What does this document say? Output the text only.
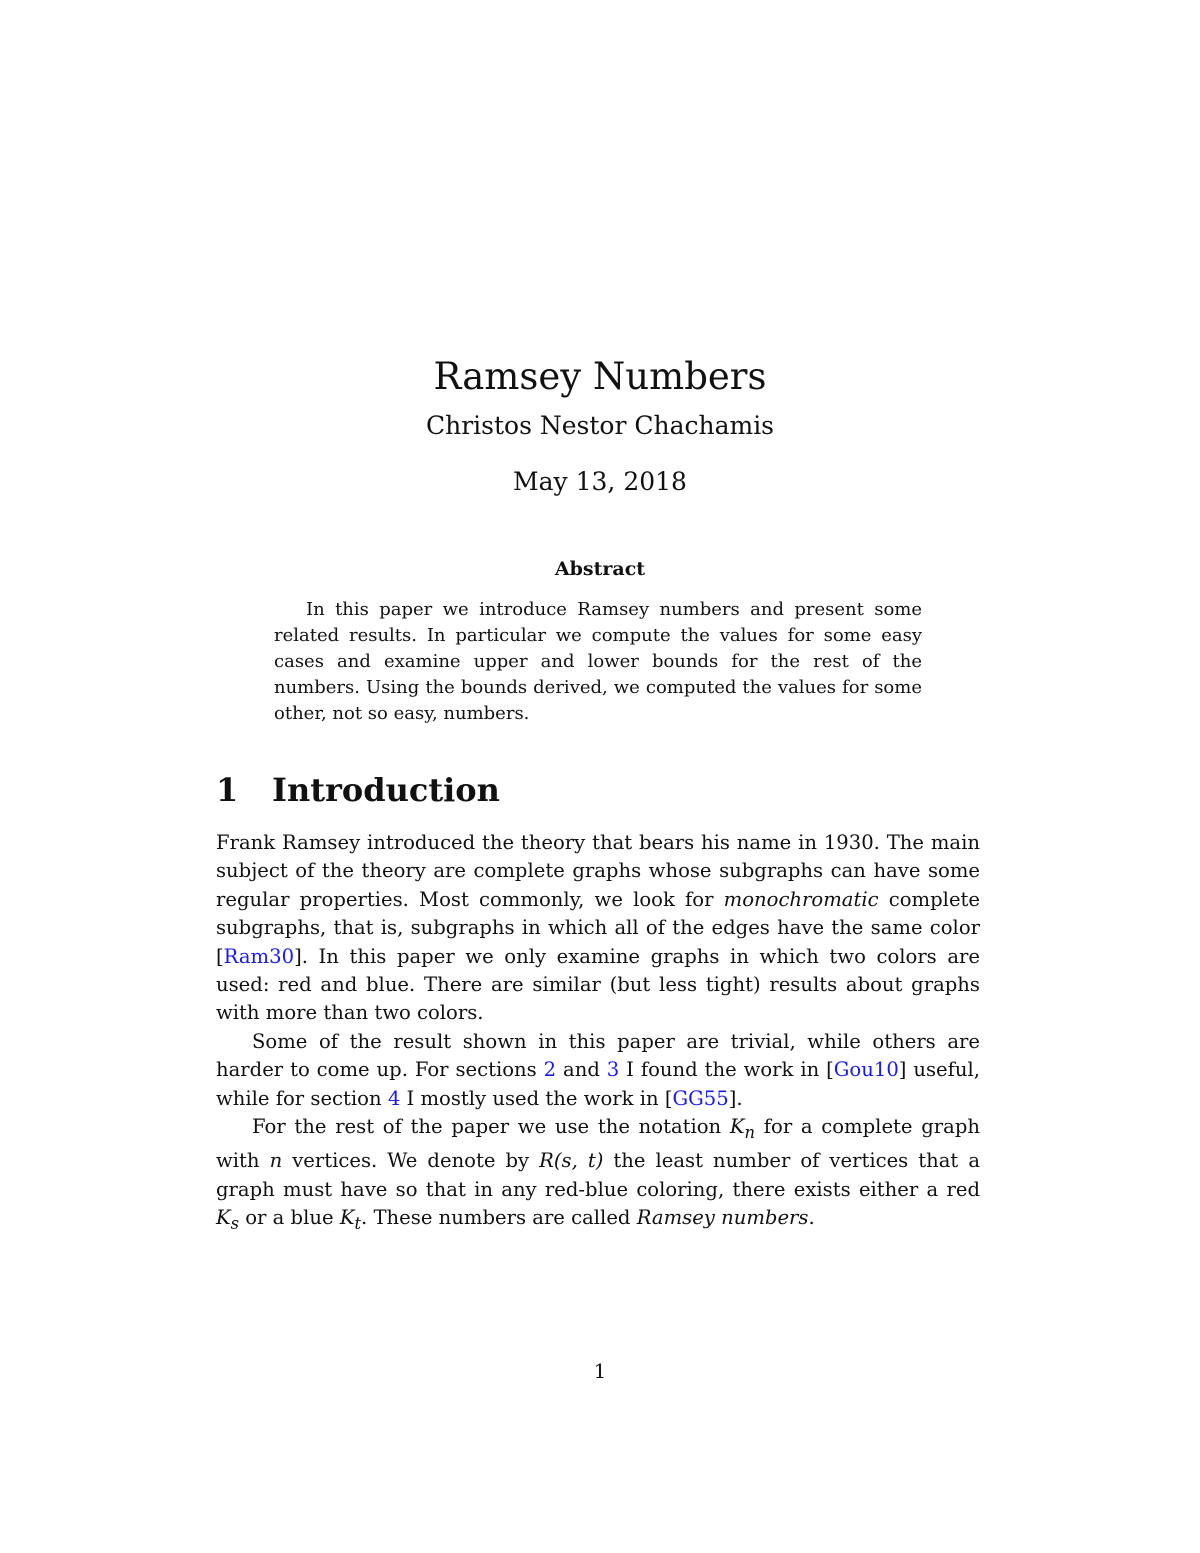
Ramsey Numbers
Christos Nestor Chachamis
May 13, 2018
Abstract
In this paper we introduce Ramsey numbers and present some related results. In particular we compute the values for some easy cases and examine upper and lower bounds for the rest of the numbers. Using the bounds derived, we computed the values for some other, not so easy, numbers.
1 Introduction

Frank Ramsey introduced the theory that bears his name in 1930. The main subject of the theory are complete graphs whose subgraphs can have some regular properties. Most commonly, we look for monochromatic complete subgraphs, that is, subgraphs in which all of the edges have the same color [Ram30]. In this paper we only examine graphs in which two colors are used: red and blue. There are similar (but less tight) results about graphs with more than two colors.

Some of the result shown in this paper are trivial, while others are harder to come up. For sections 2 and 3 I found the work in [Gou10] useful, while for section 4 I mostly used the work in [GG55].

For the rest of the paper we use the notation $K_n$ for a complete graph with n vertices. We denote by R(s, t) the least number of vertices that a graph must have so that in any red-blue coloring, there exists either a red $K_s$ or a blue $K_t$. These numbers are called Ramsey numbers.

1
